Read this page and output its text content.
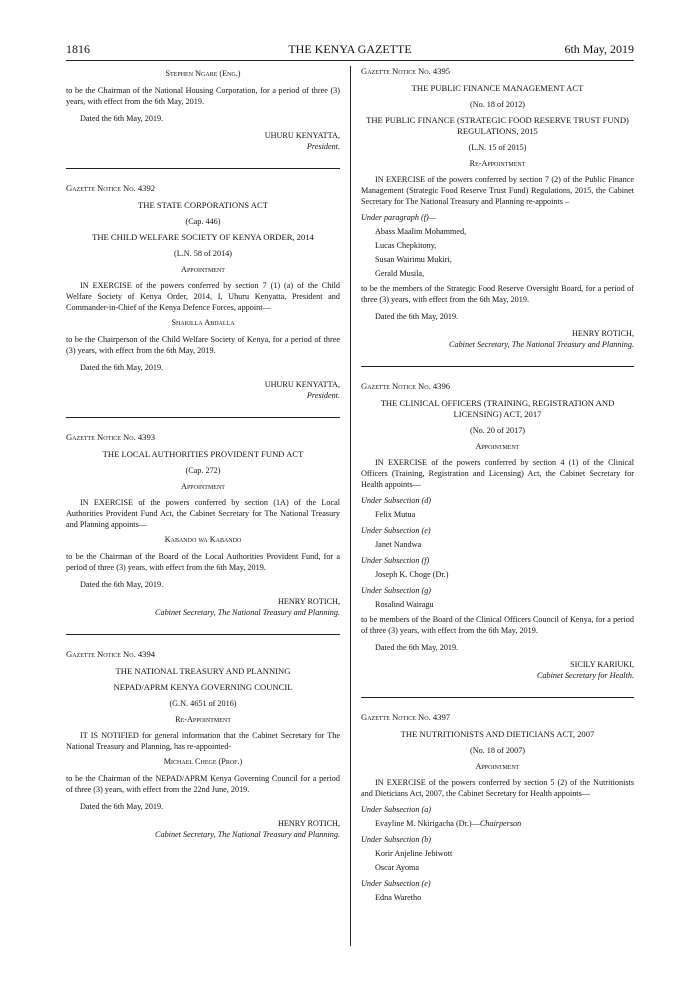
1816	THE KENYA GAZETTE	6th May, 2019
Stephen Ngare (Eng.)
to be the Chairman of the National Housing Corporation, for a period of three (3) years, with effect from the 6th May, 2019.
Dated the 6th May, 2019.
UHURU KENYATTA,
President.
Gazette Notice No. 4392
THE STATE CORPORATIONS ACT
(Cap. 446)
THE CHILD WELFARE SOCIETY OF KENYA ORDER, 2014
(L.N. 58 of 2014)
Appointment
IN EXERCISE of the powers conferred by section 7 (1) (a) of the Child Welfare Society of Kenya Order, 2014, I, Uhuru Kenyatta, President and Commander-in-Chief of the Kenya Defence Forces, appoint—
Shakilla Abdalla
to be the Chairperson of the Child Welfare Society of Kenya, for a period of three (3) years, with effect from the 6th May, 2019.
Dated the 6th May, 2019.
UHURU KENYATTA,
President.
Gazette Notice No. 4393
THE LOCAL AUTHORITIES PROVIDENT FUND ACT
(Cap. 272)
Appointment
IN EXERCISE of the powers conferred by section (1A) of the Local Authorities Provident Fund Act, the Cabinet Secretary for The National Treasury and Planning appoints—
Kabando wa Kabando
to be the Chairman of the Board of the Local Authorities Provident Fund, for a period of three (3) years, with effect from the 6th May, 2019.
Dated the 6th May, 2019.
HENRY ROTICH,
Cabinet Secretary, The National Treasury and Planning.
Gazette Notice No. 4394
THE NATIONAL TREASURY AND PLANNING
NEPAD/APRM KENYA GOVERNING COUNCIL
(G.N. 4651 of 2016)
Re-Appointment
IT IS NOTIFIED for general information that the Cabinet Secretary for The National Treasury and Planning, has re-appointed-
Michael Chege (Prof.)
to be the Chairman of the NEPAD/APRM Kenya Governing Council for a period of three (3) years, with effect from the 22nd June, 2019.
Dated the 6th May, 2019.
HENRY ROTICH,
Cabinet Secretary, The National Treasury and Planning.
Gazette Notice No. 4395
THE PUBLIC FINANCE MANAGEMENT ACT
(No. 18 of 2012)
THE PUBLIC FINANCE (STRATEGIC FOOD RESERVE TRUST FUND) REGULATIONS, 2015
(L.N. 15 of 2015)
Re-Appointment
IN EXERCISE of the powers conferred by section 7 (2) of the Public Finance Management (Strategic Food Reserve Trust Fund) Regulations, 2015, the Cabinet Secretary for The National Treasury and Planning re-appoints –
Under paragraph (f)—
Abass Maalim Mohammed,
Lucas Chepkitony,
Susan Wairimu Mukiri,
Gerald Musila,
to be the members of the Strategic Food Reserve Oversight Board, for a period of three (3) years, with effect from the 6th May, 2019.
Dated the 6th May, 2019.
HENRY ROTICH,
Cabinet Secretary, The National Treasury and Planning.
Gazette Notice No. 4396
THE CLINICAL OFFICERS (TRAINING, REGISTRATION AND LICENSING) ACT, 2017
(No. 20 of 2017)
Appointment
IN EXERCISE of the powers conferred by section 4 (1) of the Clinical Officers (Training, Registration and Licensing) Act, the Cabinet Secretary for Health appoints—
Under Subsection (d)
Felix Mutua
Under Subsection (e)
Janet Nandwa
Under Subsection (f)
Joseph K. Choge (Dr.)
Under Subsection (g)
Rosalind Wairagu
to be members of the Board of the Clinical Officers Council of Kenya, for a period of three (3) years, with effect from the 6th May, 2019.
Dated the 6th May, 2019.
SICILY KARIUKI,
Cabinet Secretary for Health.
Gazette Notice No. 4397
THE NUTRITIONISTS AND DIETICIANS ACT, 2007
(No. 18 of 2007)
Appointment
IN EXERCISE of the powers conferred by section 5 (2) of the Nutritionists and Dieticians Act, 2007, the Cabinet Secretary for Health appoints—
Under Subsection (a)
Evayline M. Nkirigacha (Dr.)—Chairperson
Under Subsection (b)
Korir Anjeline Jebiwott
Oscar Ayoma
Under Subsection (e)
Edna Waretho
